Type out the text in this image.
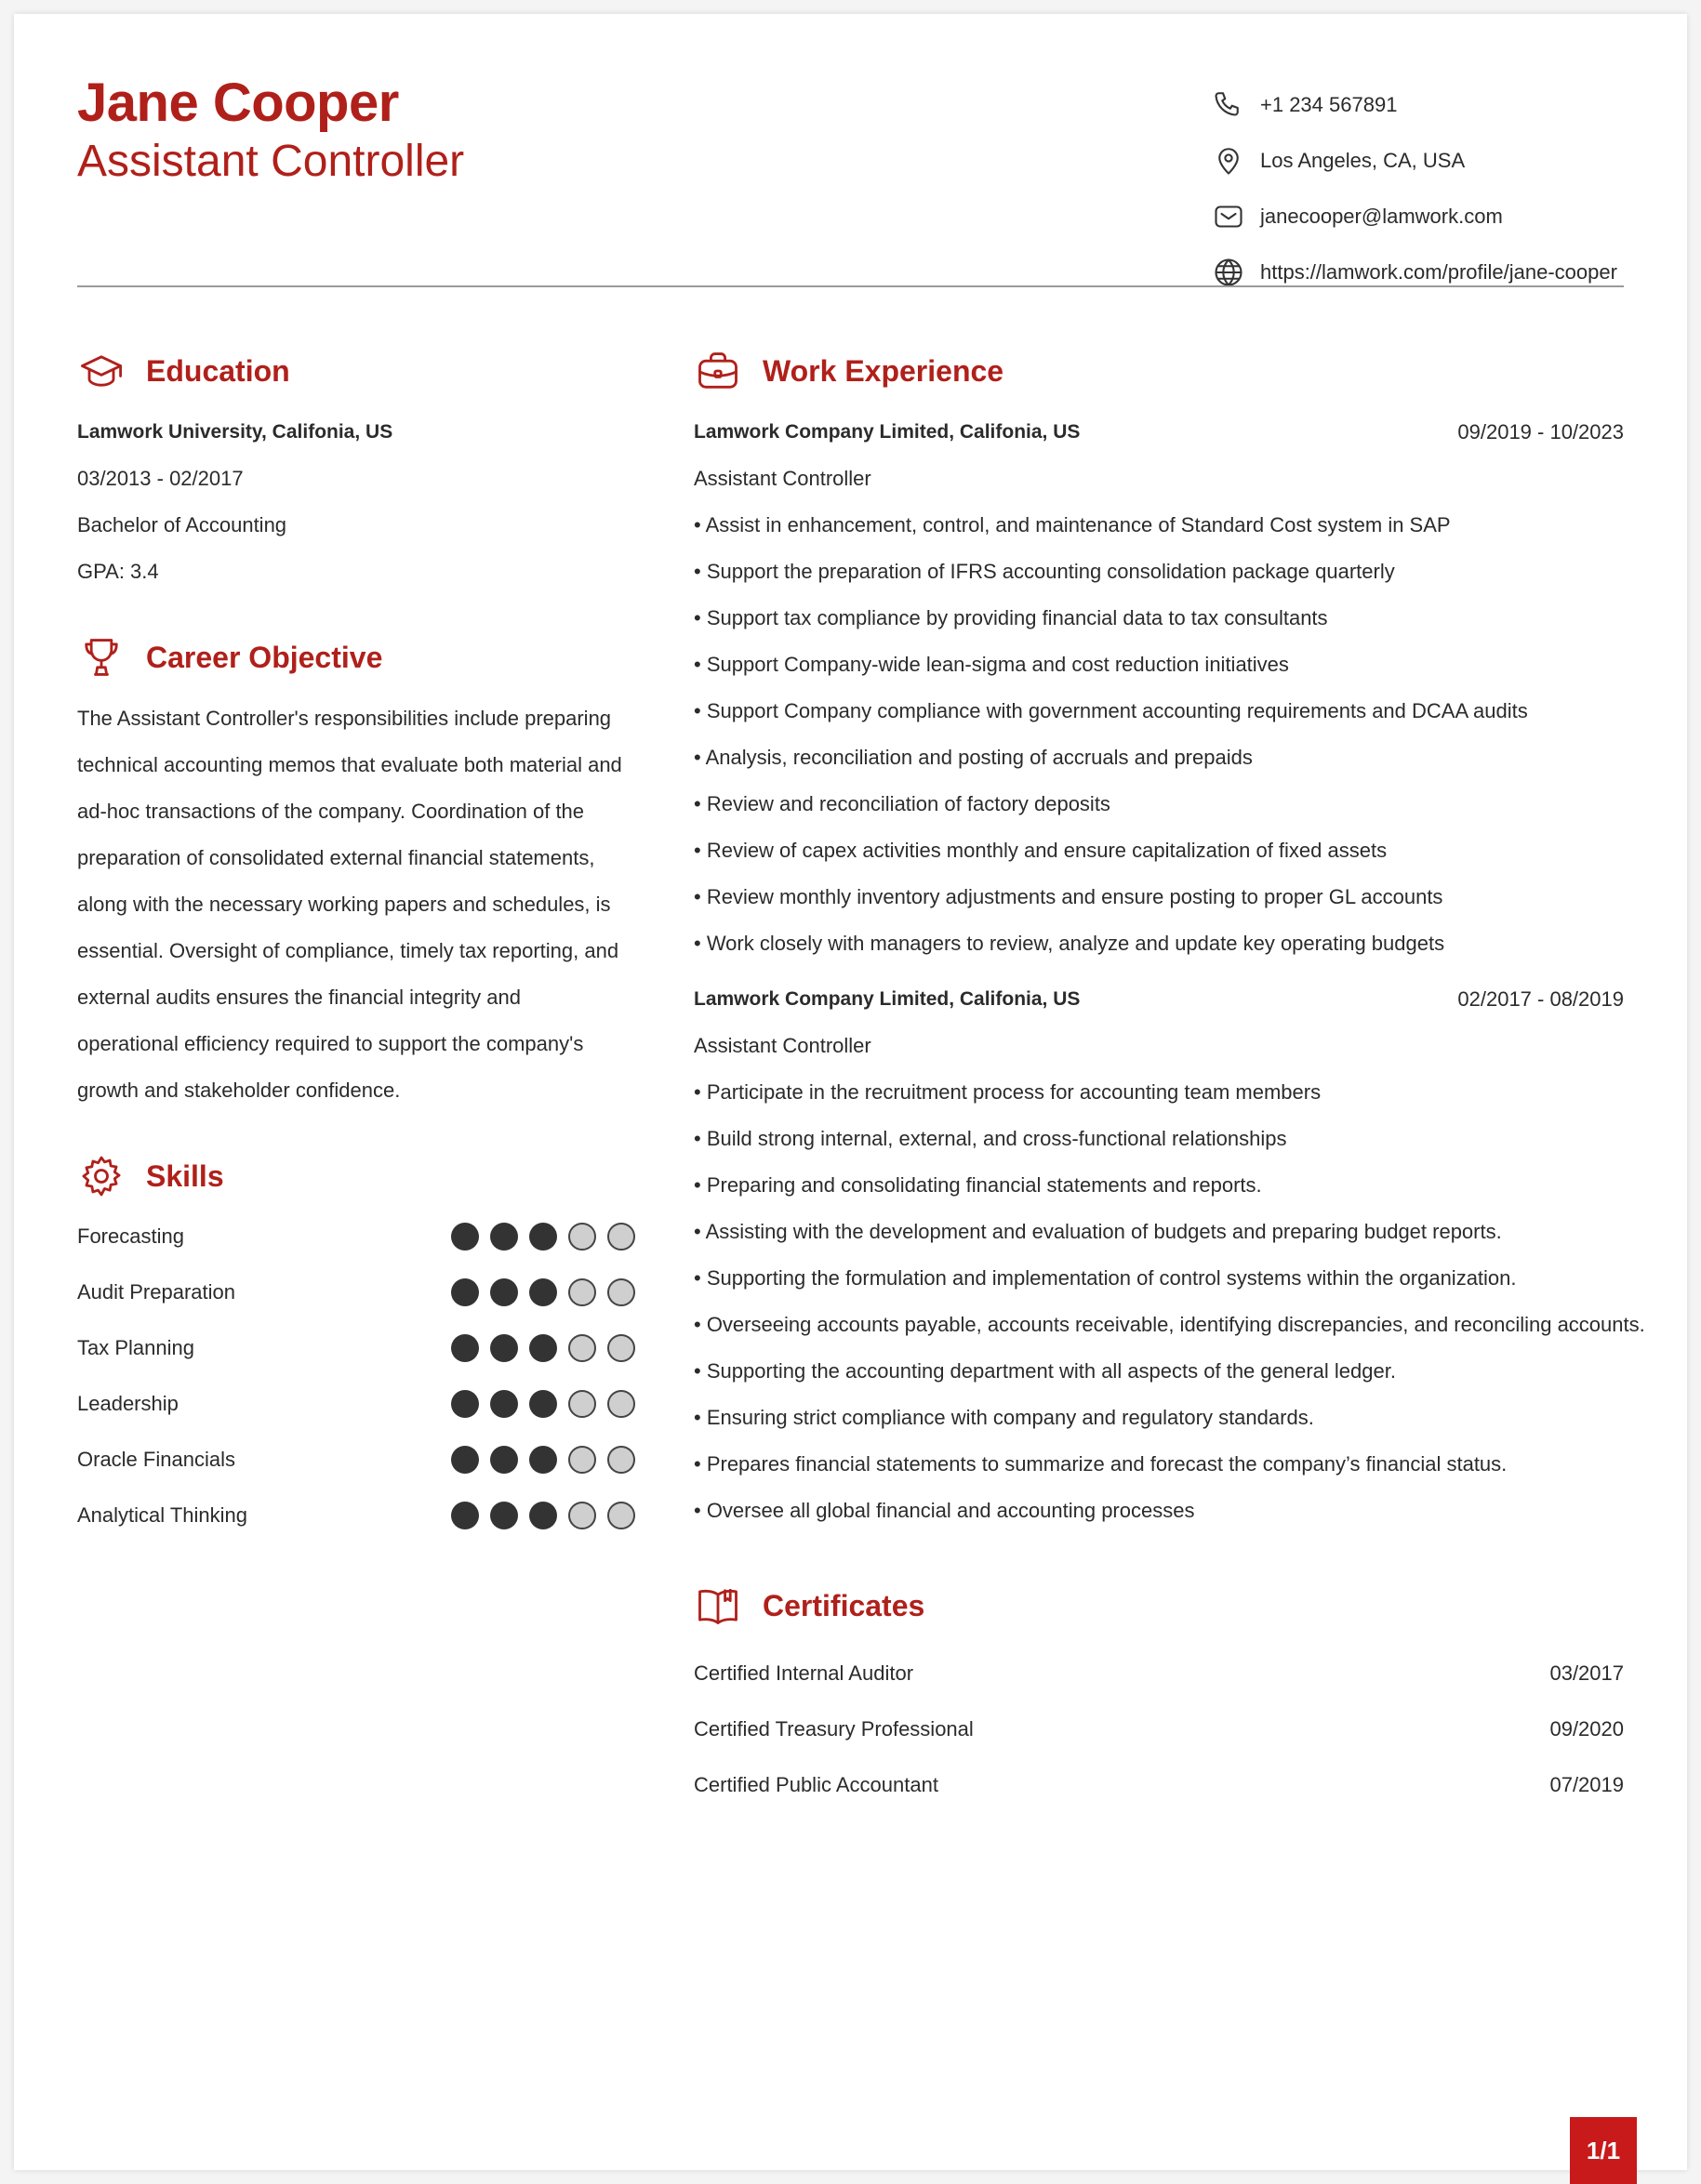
Jane Cooper
Assistant Controller
+1 234 567891
Los Angeles, CA, USA
janecooper@lamwork.com
https://lamwork.com/profile/jane-cooper
Education
Lamwork University, Califonia, US
03/2013 - 02/2017
Bachelor of Accounting
GPA: 3.4
Career Objective
The Assistant Controller's responsibilities include preparing technical accounting memos that evaluate both material and ad-hoc transactions of the company. Coordination of the preparation of consolidated external financial statements, along with the necessary working papers and schedules, is essential. Oversight of compliance, timely tax reporting, and external audits ensures the financial integrity and operational efficiency required to support the company's growth and stakeholder confidence.
Skills
Forecasting
Audit Preparation
Tax Planning
Leadership
Oracle Financials
Analytical Thinking
Work Experience
Lamwork Company Limited, Califonia, US	09/2019 - 10/2023
Assistant Controller
• Assist in enhancement, control, and maintenance of Standard Cost system in SAP
• Support the preparation of IFRS accounting consolidation package quarterly
• Support tax compliance by providing financial data to tax consultants
• Support Company-wide lean-sigma and cost reduction initiatives
• Support Company compliance with government accounting requirements and DCAA audits
• Analysis, reconciliation and posting of accruals and prepaids
• Review and reconciliation of factory deposits
• Review of capex activities monthly and ensure capitalization of fixed assets
• Review monthly inventory adjustments and ensure posting to proper GL accounts
• Work closely with managers to review, analyze and update key operating budgets
Lamwork Company Limited, Califonia, US	02/2017 - 08/2019
Assistant Controller
• Participate in the recruitment process for accounting team members
• Build strong internal, external, and cross-functional relationships
• Preparing and consolidating financial statements and reports.
• Assisting with the development and evaluation of budgets and preparing budget reports.
• Supporting the formulation and implementation of control systems within the organization.
• Overseeing accounts payable, accounts receivable, identifying discrepancies, and reconciling accounts.
• Supporting the accounting department with all aspects of the general ledger.
• Ensuring strict compliance with company and regulatory standards.
• Prepares financial statements to summarize and forecast the company’s financial status.
• Oversee all global financial and accounting processes
Certificates
Certified Internal Auditor	03/2017
Certified Treasury Professional	09/2020
Certified Public Accountant	07/2019
1/1
